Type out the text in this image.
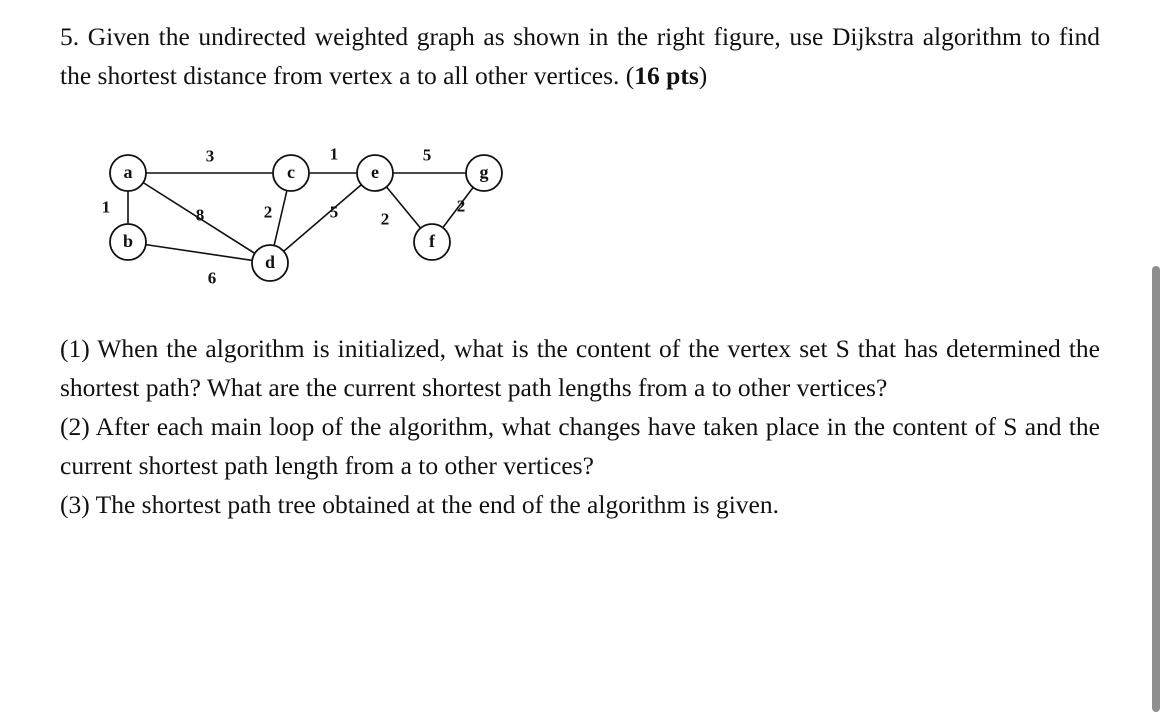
5. Given the undirected weighted graph as shown in the right figure, use Dijkstra algorithm to find the shortest distance from vertex a to all other vertices. (16 pts)

a
b
c
d
e
f
g
1
3
8
6
2
1
5	2
5
2
(1) When the algorithm is initialized, what is the content of the vertex set S that has determined the shortest path? What are the current shortest path lengths from a to other vertices?
(2) After each main loop of the algorithm, what changes have taken place in the content of S and the current shortest path length from a to other vertices?
(3) The shortest path tree obtained at the end of the algorithm is given.
